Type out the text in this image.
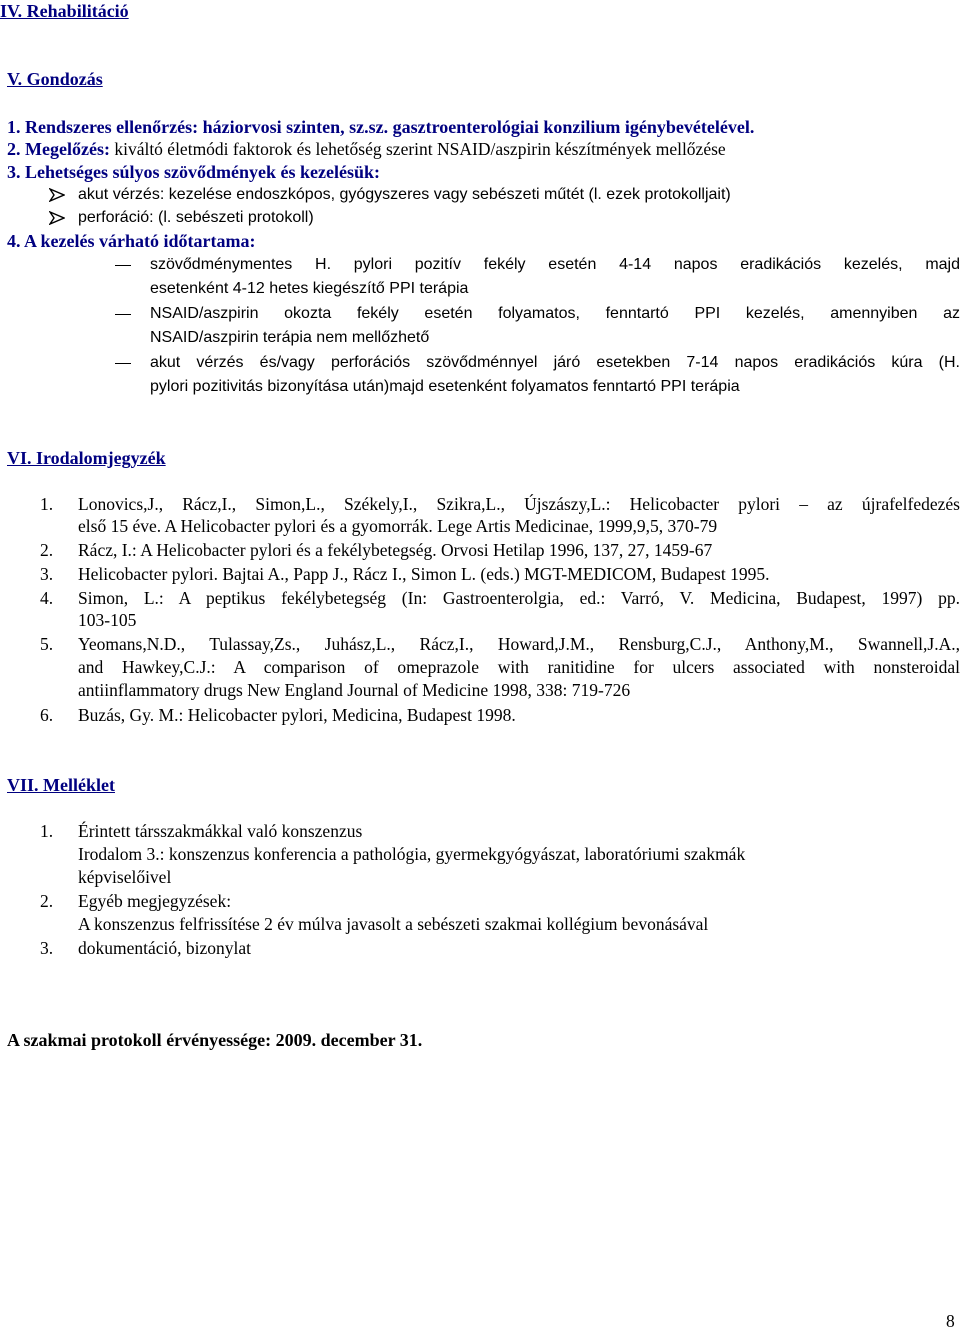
IV. Rehabilitáció
V. Gondozás
1. Rendszeres ellenőrzés: háziorvosi szinten, sz.sz. gasztroenterológiai konzilium igénybevételével.
2. Megelőzés: kiváltó életmódi faktorok és lehetőség szerint NSAID/aszpirin készítmények mellőzése
3. Lehetséges súlyos szövődmények és kezelésük:
akut vérzés: kezelése endoszkópos, gyógyszeres vagy sebészeti műtét (l. ezek protokolljait)
perforáció: (l. sebészeti protokoll)
4. A kezelés várható időtartama:
szövődménymentes H. pylori pozitív fekély esetén 4-14 napos eradikációs kezelés, majd
esetenként 4-12 hetes kiegészítő PPI terápia
NSAID/aszpirin okozta fekély esetén folyamatos, fenntartó PPI kezelés, amennyiben az
NSAID/aszpirin terápia nem mellőzhető
akut vérzés és/vagy perforációs szövődménnyel járó esetekben 7-14 napos eradikációs kúra (H.
pylori pozitivitás bizonyítása után)majd esetenként folyamatos fenntartó PPI terápia
VI. Irodalomjegyzék
1. Lonovics,J., Rácz,I., Simon,L., Székely,I., Szikra,L., Újszászy,L.: Helicobacter pylori – az újrafelfedezés
első 15 éve. A Helicobacter pylori és a gyomorrák. Lege Artis Medicinae, 1999,9,5, 370-79
2. Rácz, I.: A Helicobacter pylori és a fekélybetegség. Orvosi Hetilap 1996, 137, 27, 1459-67
3. Helicobacter pylori. Bajtai A., Papp J., Rácz I., Simon L. (eds.) MGT-MEDICOM, Budapest 1995.
4. Simon, L.: A peptikus fekélybetegség (In: Gastroenterolgia, ed.: Varró, V. Medicina, Budapest, 1997) pp.
103-105
5. Yeomans,N.D., Tulassay,Zs., Juhász,L., Rácz,I., Howard,J.M., Rensburg,C.J., Anthony,M., Swannell,J.A.,
and Hawkey,C.J.: A comparison of omeprazole with ranitidine for ulcers associated with nonsteroidal
antiinflammatory drugs New England Journal of Medicine 1998, 338: 719-726
6. Buzás, Gy. M.: Helicobacter pylori, Medicina, Budapest 1998.
VII. Melléklet
1. Érintett társszakmákkal való konszenzus
Irodalom 3.: konszenzus konferencia a pathológia, gyermekgyógyászat, laboratóriumi szakmák
képviselőivel
2. Egyéb megjegyzések:
A konszenzus felfrissítése 2 év múlva javasolt a sebészeti szakmai kollégium bevonásával
3. dokumentáció, bizonylat
A szakmai protokoll érvényessége: 2009. december 31.
8
